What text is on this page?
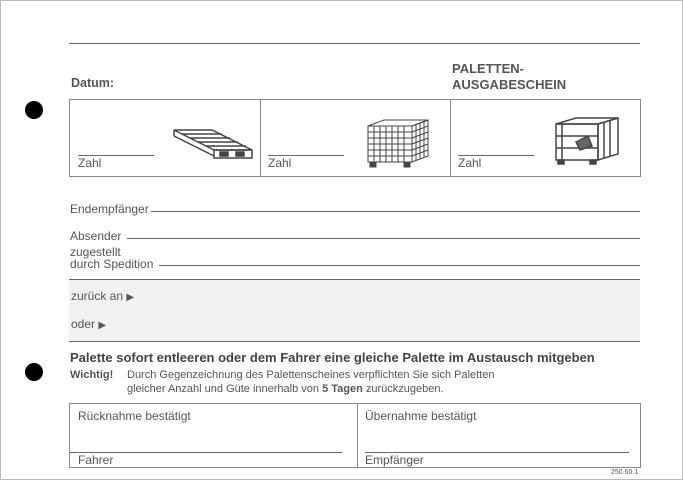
Datum:
PALETTEN-
AUSGABESCHEIN
Zahl	Zahl	Zahl
Endempfänger
Absender
zugestellt
durch Spedition
zurück an ▶
oder ▶
Palette sofort entleeren oder dem Fahrer eine gleiche Palette im Austausch mitgeben
Wichtig! Durch Gegenzeichnung des Palettenscheines verpflichten Sie sich Paletten
gleicher Anzahl und Güte innerhalb von 5 Tagen zurückzugeben.
Rücknahme bestätigt
Fahrer
Übernahme bestätigt
Empfänger
250.60.1
